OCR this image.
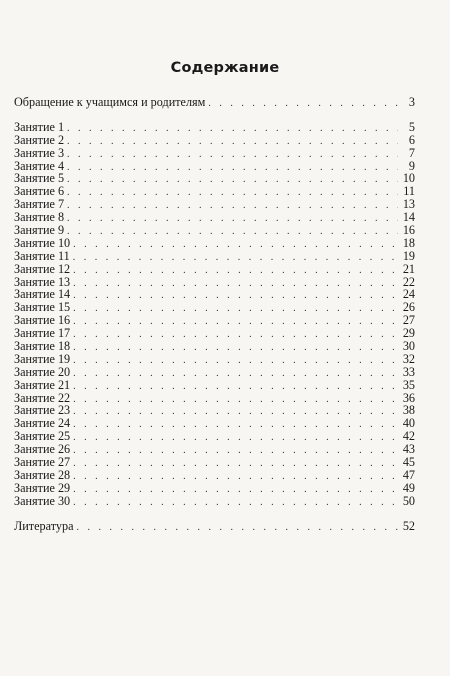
Содержание
Обращение к учащимся и родителям . . .	3
Занятие 1 . . .	5
Занятие 2 . . .	6
Занятие 3 . . .	7
Занятие 4 . . .	9
Занятие 5 . . .	10
Занятие 6 . . .	11
Занятие 7 . . .	13
Занятие 8 . . .	14
Занятие 9 . . .	16
Занятие 10 . . .	18
Занятие 11 . . .	19
Занятие 12 . . .	21
Занятие 13 . . .	22
Занятие 14 . . .	24
Занятие 15 . . .	26
Занятие 16 . . .	27
Занятие 17 . . .	29
Занятие 18 . . .	30
Занятие 19 . . .	32
Занятие 20 . . .	33
Занятие 21 . . .	35
Занятие 22 . . .	36
Занятие 23 . . .	38
Занятие 24 . . .	40
Занятие 25 . . .	42
Занятие 26 . . .	43
Занятие 27 . . .	45
Занятие 28 . . .	47
Занятие 29 . . .	49
Занятие 30 . . .	50
Литература . . .	52
